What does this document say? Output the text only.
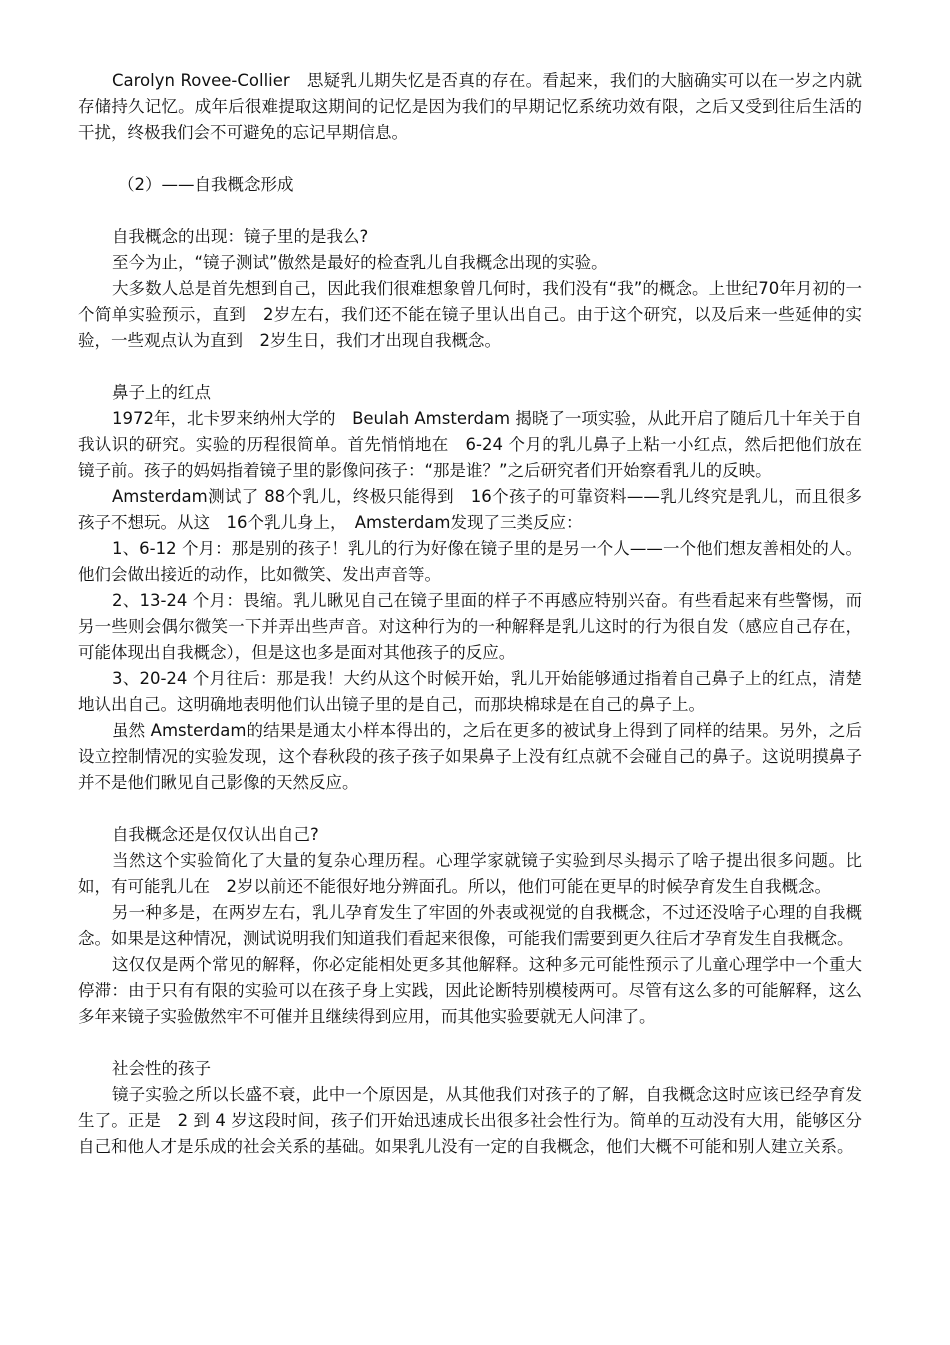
Carolyn Rovee-Collier　思疑乳儿期失忆是否真的存在。看起来，我们的大脑确实可以在一岁之内就存储持久记忆。成年后很难提取这期间的记忆是因为我们的早期记忆系统功效有限，之后又受到往后生活的干扰，终极我们会不可避免的忘记早期信息。

（2）——自我概念形成

自我概念的出现：镜子里的是我么?

至今为止，“镜子测试”傲然是最好的检查乳儿自我概念出现的实验。

大多数人总是首先想到自己，因此我们很难想象曾几何时，我们没有“我”的概念。上世纪70年月初的一个简单实验预示，直到　2岁左右，我们还不能在镜子里认出自己。由于这个研究，以及后来一些延伸的实验，一些观点认为直到　2岁生日，我们才出现自我概念。

鼻子上的红点

1972年，北卡罗来纳州大学的　Beulah Amsterdam 揭晓了一项实验，从此开启了随后几十年关于自我认识的研究。实验的历程很简单。首先悄悄地在　6-24 个月的乳儿鼻子上粘一小红点，然后把他们放在镜子前。孩子的妈妈指着镜子里的影像问孩子：“那是谁？”之后研究者们开始察看乳儿的反映。

Amsterdam测试了 88个乳儿，终极只能得到　16个孩子的可靠资料——乳儿终究是乳儿，而且很多孩子不想玩。从这　16个乳儿身上，　Amsterdam发现了三类反应：

1、6-12 个月：那是别的孩子！乳儿的行为好像在镜子里的是另一个人——一个他们想友善相处的人。他们会做出接近的动作，比如微笑、发出声音等。

2、13-24 个月：畏缩。乳儿瞅见自己在镜子里面的样子不再感应特别兴奋。有些看起来有些警惕，而另一些则会偶尔微笑一下并弄出些声音。对这种行为的一种解释是乳儿这时的行为很自发（感应自己存在，可能体现出自我概念），但是这也多是面对其他孩子的反应。

3、20-24 个月往后：那是我！大约从这个时候开始，乳儿开始能够通过指着自己鼻子上的红点，清楚地认出自己。这明确地表明他们认出镜子里的是自己，而那块棉球是在自己的鼻子上。

虽然 Amsterdam的结果是通太小样本得出的，之后在更多的被试身上得到了同样的结果。另外，之后设立控制情况的实验发现，这个春秋段的孩子孩子如果鼻子上没有红点就不会碰自己的鼻子。这说明摸鼻子并不是他们瞅见自己影像的天然反应。

自我概念还是仅仅认出自己?

当然这个实验简化了大量的复杂心理历程。心理学家就镜子实验到尽头揭示了啥子提出很多问题。比如，有可能乳儿在　2岁以前还不能很好地分辨面孔。所以，他们可能在更早的时候孕育发生自我概念。

另一种多是，在两岁左右，乳儿孕育发生了牢固的外表或视觉的自我概念，不过还没啥子心理的自我概念。如果是这种情况，测试说明我们知道我们看起来很像，可能我们需要到更久往后才孕育发生自我概念。

这仅仅是两个常见的解释，你必定能相处更多其他解释。这种多元可能性预示了儿童心理学中一个重大停滞：由于只有有限的实验可以在孩子身上实践，因此论断特别模棱两可。尽管有这么多的可能解释，这么多年来镜子实验傲然牢不可催并且继续得到应用，而其他实验要就无人问津了。

社会性的孩子

镜子实验之所以长盛不衰，此中一个原因是，从其他我们对孩子的了解，自我概念这时应该已经孕育发生了。正是　2 到 4 岁这段时间，孩子们开始迅速成长出很多社会性行为。简单的互动没有大用，能够区分自己和他人才是乐成的社会关系的基础。如果乳儿没有一定的自我概念，他们大概不可能和别人建立关系。
